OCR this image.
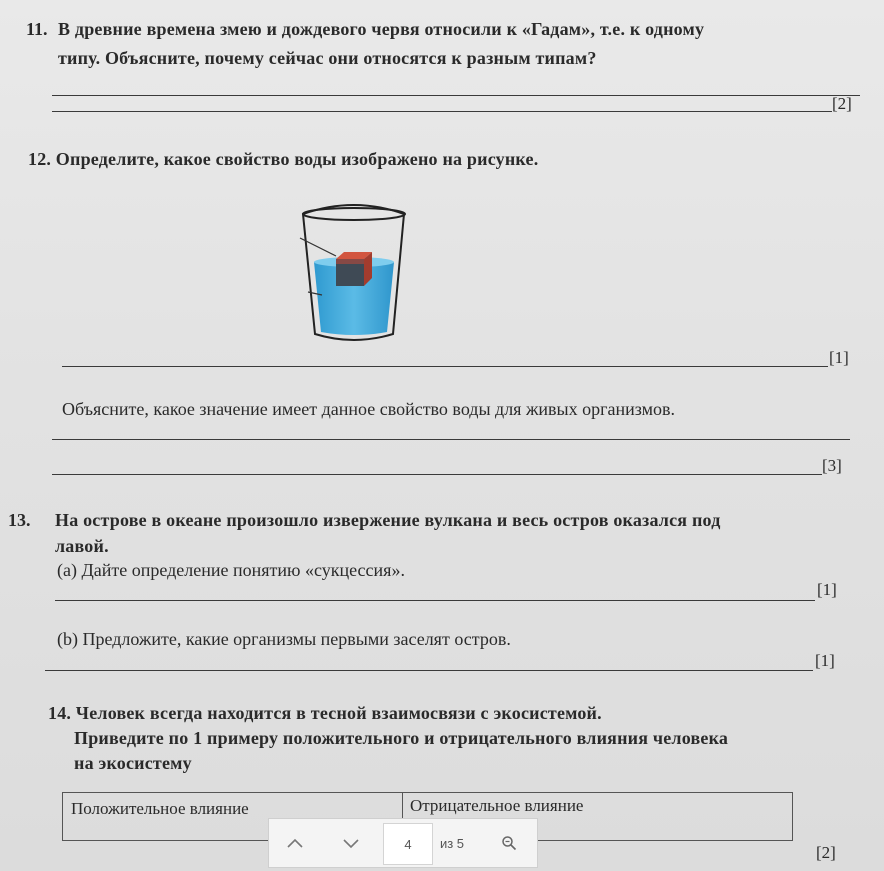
11. В древние времена змею и дождевого червя относили к «Гадам», т.е. к одному
типу. Объясните, почему сейчас они относятся к разным типам?
[2]
12. Определите, какое свойство воды изображено на рисунке.
[1]
Объясните, какое значение имеет данное свойство воды для живых организмов.
[3]
13. На острове в океане произошло извержение вулкана и весь остров оказался под
лавой.
(a) Дайте определение понятию «сукцессия».
[1]
(b) Предложите, какие организмы первыми заселят остров.
[1]
14. Человек всегда находится в тесной взаимосвязи с экосистемой.
Приведите по 1 примеру положительного и отрицательного влияния человека
на экосистему
Положительное влияние	Отрицательное влияние
[2]
4	из 5
